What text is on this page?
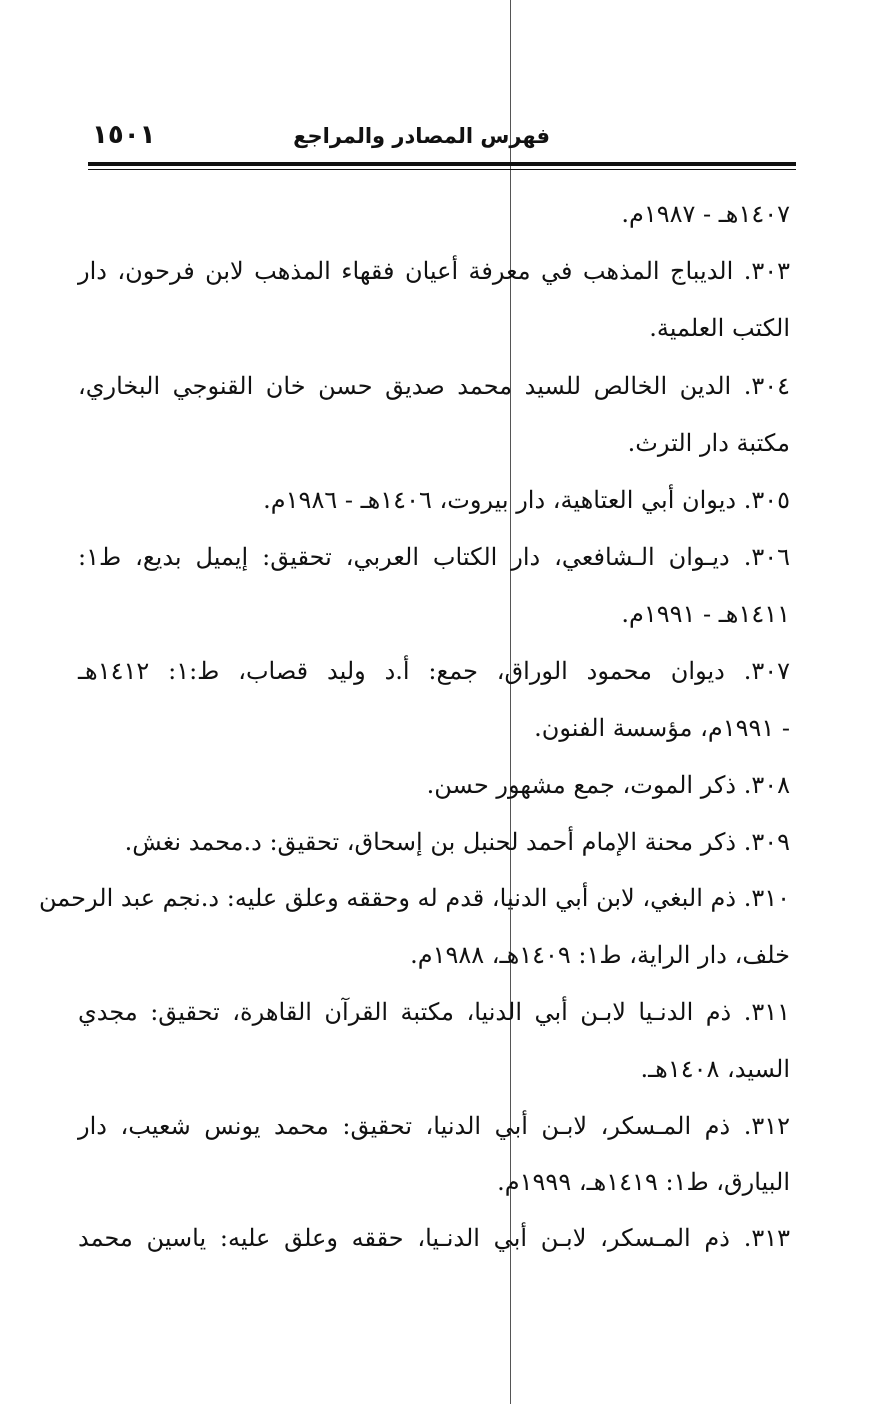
١٥٠١	فهرس المصادر والمراجع
١٤٠٧هـ - ١٩٨٧م.
٣٠٣. الديباج المذهب في معرفة أعيان فقهاء المذهب لابن فرحون، دار
الكتب العلمية.
٣٠٤. الدين الخالص للسيد محمد صديق حسن خان القنوجي البخاري،
مكتبة دار الترث.
٣٠٥. ديوان أبي العتاهية، دار بيروت، ١٤٠٦هـ - ١٩٨٦م.
٣٠٦. ديـوان الـشافعي، دار الكتاب العربي، تحقيق: إيميل بديع، ط١:
١٤١١هـ - ١٩٩١م.
٣٠٧. ديوان محمود الوراق، جمع: أ.د وليد قصاب، ط:١: ١٤١٢هـ
- ١٩٩١م، مؤسسة الفنون.
٣٠٨. ذكر الموت، جمع مشهور حسن.
٣٠٩. ذكر محنة الإمام أحمد لحنبل بن إسحاق، تحقيق: د.محمد نغش.
٣١٠. ذم البغي، لابن أبي الدنيا، قدم له وحققه وعلق عليه: د.نجم عبد الرحمن
خلف، دار الراية، ط١: ١٤٠٩هـ، ١٩٨٨م.
٣١١. ذم الدنـيا لابـن أبي الدنيا، مكتبة القرآن القاهرة، تحقيق: مجدي
السيد، ١٤٠٨هـ.
٣١٢. ذم المـسكر، لابـن أبي الدنيا، تحقيق: محمد يونس شعيب، دار
البيارق، ط١: ١٤١٩هـ، ١٩٩٩م.
٣١٣. ذم المـسكر، لابـن أبي الدنـيا، حققه وعلق عليه: ياسين محمد
